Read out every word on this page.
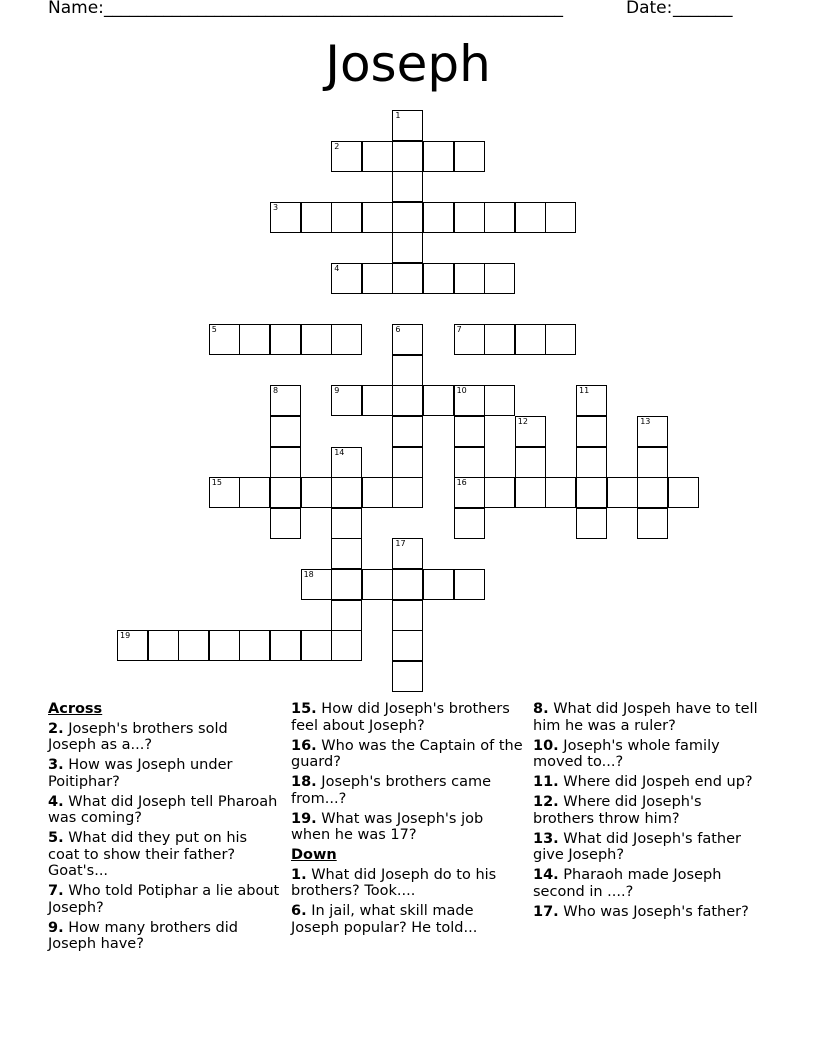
Name: ______________________________________________________	Date: _______
Joseph
1
2
3
4
5	6	7
8	9	10
16
11
12	13
14
15
17
18
19
Across
2. Joseph's brothers sold Joseph as a...?
3. How was Joseph under Poitiphar?
4. What did Joseph tell Pharoah was coming?
5. What did they put on his coat to show their father? Goat's...
7. Who told Potiphar a lie about Joseph?
9. How many brothers did Joseph have?
15. How did Joseph's brothers feel about Joseph?
16. Who was the Captain of the guard?
18. Joseph's brothers came from...?
19. What was Joseph's job when he was 17?
Down
1. What did Joseph do to his brothers? Took....
6. In jail, what skill made Joseph popular? He told...
8. What did Jospeh have to tell him he was a ruler?
10. Joseph's whole family moved to...?
11. Where did Jospeh end up?
12. Where did Joseph's brothers throw him?
13. What did Joseph's father give Joseph?
14. Pharaoh made Joseph second in ....?
17. Who was Joseph's father?
